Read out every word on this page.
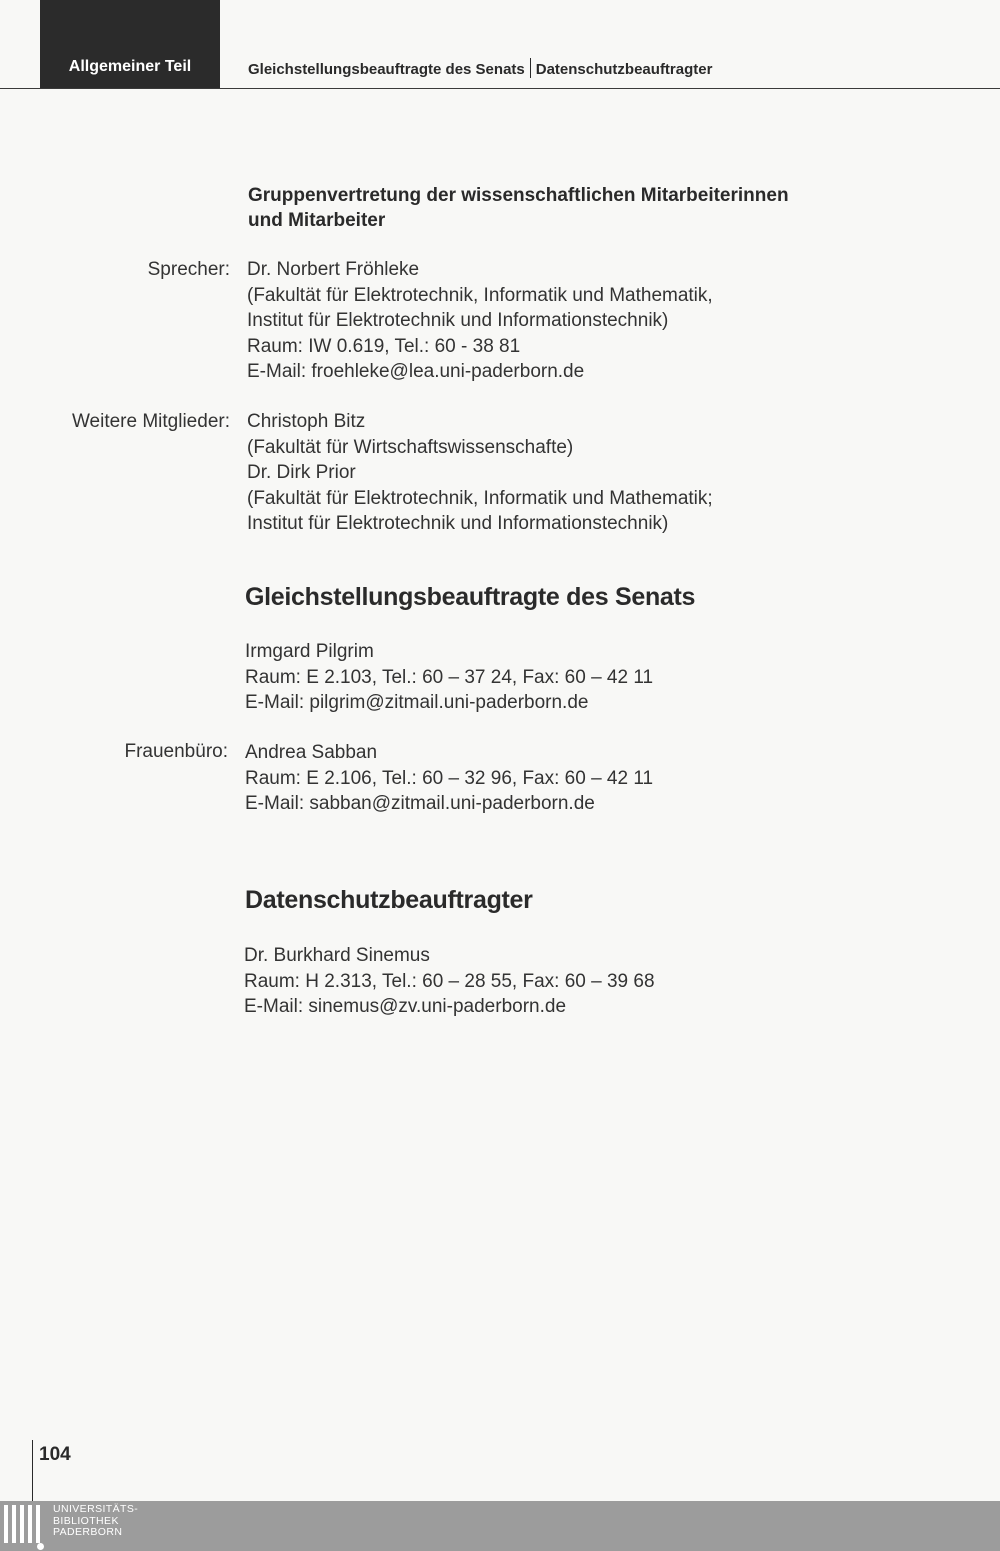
Allgemeiner Teil	Gleichstellungsbeauftragte des Senats Datenschutzbeauftragter
Gruppenvertretung der wissenschaftlichen Mitarbeiterinnen
und Mitarbeiter
Sprecher: Dr. Norbert Fröhleke
(Fakultät für Elektrotechnik, Informatik und Mathematik,
Institut für Elektrotechnik und Informationstechnik)
Raum: IW 0.619, Tel.: 60 - 38 81
E-Mail: froehleke@lea.uni-paderborn.de
Weitere Mitglieder: Christoph Bitz
(Fakultät für Wirtschaftswissenschafte)
Dr. Dirk Prior
(Fakultät für Elektrotechnik, Informatik und Mathematik;
Institut für Elektrotechnik und Informationstechnik)
Gleichstellungsbeauftragte des Senats
Irmgard Pilgrim
Raum: E 2.103, Tel.: 60 – 37 24, Fax: 60 – 42 11
E-Mail: pilgrim@zitmail.uni-paderborn.de
Frauenbüro: Andrea Sabban
Raum: E 2.106, Tel.: 60 – 32 96, Fax: 60 – 42 11
E-Mail: sabban@zitmail.uni-paderborn.de
Datenschutzbeauftragter
Dr. Burkhard Sinemus
Raum: H 2.313, Tel.: 60 – 28 55, Fax: 60 – 39 68
E-Mail: sinemus@zv.uni-paderborn.de
104
UNIVERSITÄTS-
BIBLIOTHEK
PADERBORN
